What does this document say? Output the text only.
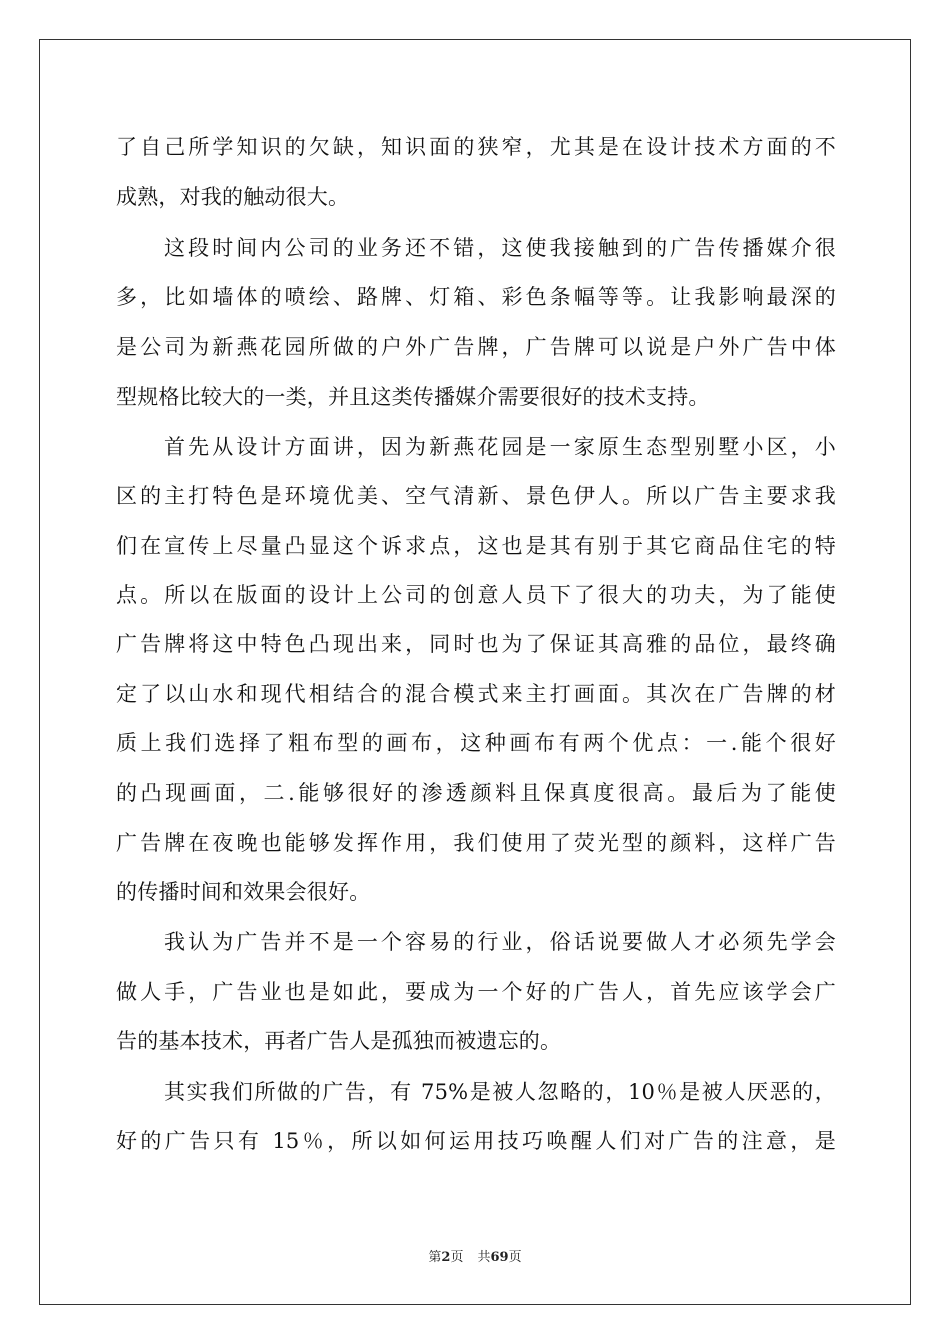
了自己所学知识的欠缺，知识面的狭窄，尤其是在设计技术方面的不
成熟，对我的触动很大。
这段时间内公司的业务还不错，这使我接触到的广告传播媒介很
多，比如墙体的喷绘、路牌、灯箱、彩色条幅等等。让我影响最深的
是公司为新燕花园所做的户外广告牌，广告牌可以说是户外广告中体
型规格比较大的一类，并且这类传播媒介需要很好的技术支持。
首先从设计方面讲，因为新燕花园是一家原生态型别墅小区，小
区的主打特色是环境优美、空气清新、景色伊人。所以广告主要求我
们在宣传上尽量凸显这个诉求点，这也是其有别于其它商品住宅的特
点。所以在版面的设计上公司的创意人员下了很大的功夫，为了能使
广告牌将这中特色凸现出来，同时也为了保证其高雅的品位，最终确
定了以山水和现代相结合的混合模式来主打画面。其次在广告牌的材
质上我们选择了粗布型的画布，这种画布有两个优点：一.能个很好
的凸现画面，二.能够很好的渗透颜料且保真度很高。最后为了能使
广告牌在夜晚也能够发挥作用，我们使用了荧光型的颜料，这样广告
的传播时间和效果会很好。
我认为广告并不是一个容易的行业，俗话说要做人才必须先学会
做人手，广告业也是如此，要成为一个好的广告人，首先应该学会广
告的基本技术，再者广告人是孤独而被遗忘的。
其实我们所做的广告，有 75%是被人忽略的，10％是被人厌恶的，
好的广告只有 15％，所以如何运用技巧唤醒人们对广告的注意，是
第2页 共69页
